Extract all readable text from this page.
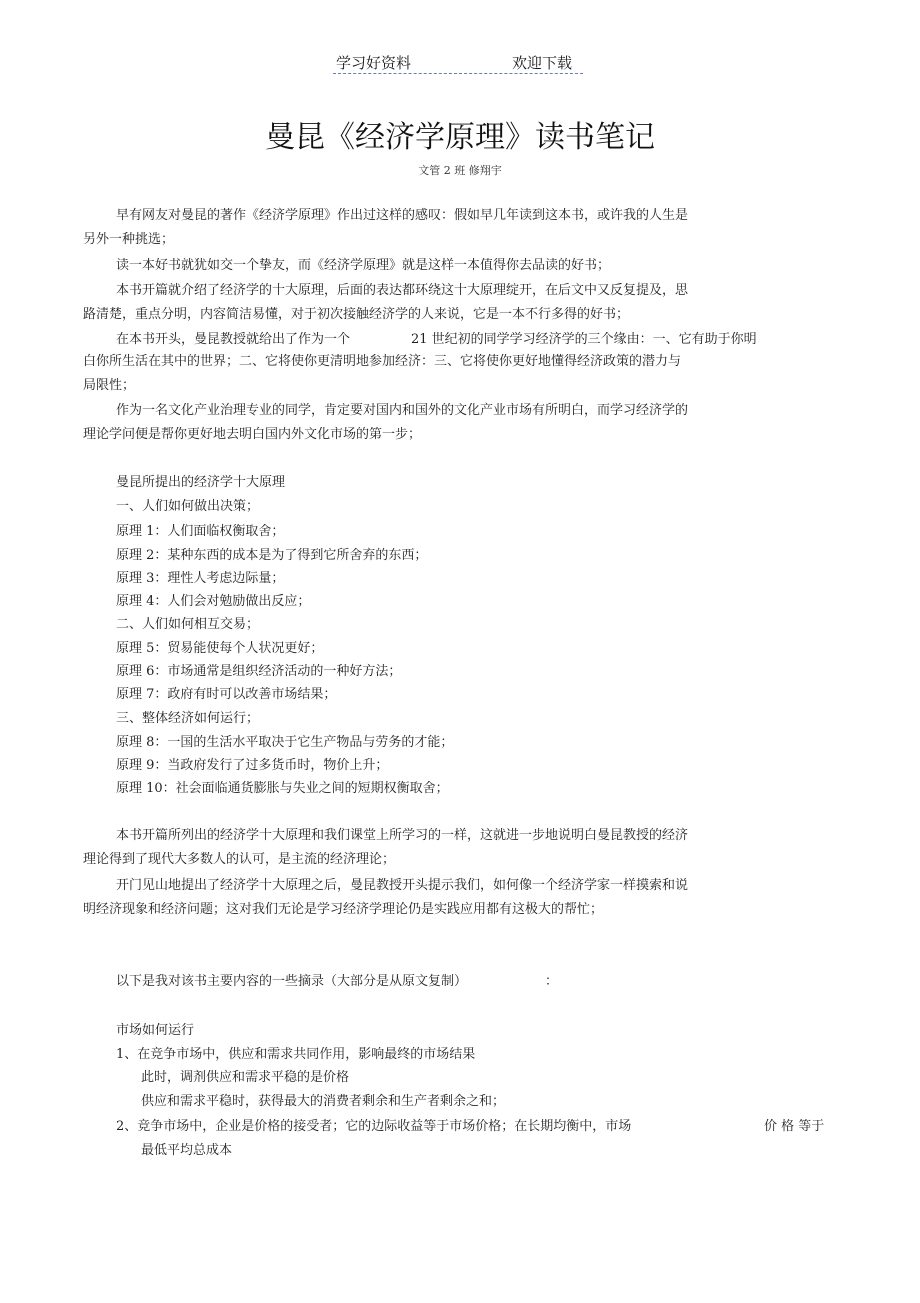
学习好资料	欢迎下载
曼昆《经济学原理》读书笔记
文管 2 班 修翔宇
早有网友对曼昆的著作《经济学原理》作出过这样的感叹：假如早几年读到这本书，或许我的人生是
另外一种挑选；
读一本好书就犹如交一个挚友，而《经济学原理》就是这样一本值得你去品读的好书；
本书开篇就介绍了经济学的十大原理，后面的表达都环绕这十大原理绽开，在后文中又反复提及，思
路清楚，重点分明，内容简洁易懂，对于初次接触经济学的人来说，它是一本不行多得的好书；
在本书开头，曼昆教授就给出了作为一个	21 世纪初的同学学习经济学的三个缘由：一、它有助于你明
白你所生活在其中的世界；二、它将使你更清明地参加经济：三、它将使你更好地懂得经济政策的潜力与
局限性；
作为一名文化产业治理专业的同学，肯定要对国内和国外的文化产业市场有所明白，而学习经济学的
理论学问便是帮你更好地去明白国内外文化市场的第一步；
曼昆所提出的经济学十大原理
一、人们如何做出决策；
原理 1：人们面临权衡取舍；
原理 2：某种东西的成本是为了得到它所舍弃的东西；
原理 3：理性人考虑边际量；
原理 4：人们会对勉励做出反应；
二、人们如何相互交易；
原理 5：贸易能使每个人状况更好；
原理 6：市场通常是组织经济活动的一种好方法；
原理 7：政府有时可以改善市场结果；
三、整体经济如何运行；
原理 8：一国的生活水平取决于它生产物品与劳务的才能；
原理 9：当政府发行了过多货币时，物价上升；
原理 10：社会面临通货膨胀与失业之间的短期权衡取舍；
本书开篇所列出的经济学十大原理和我们课堂上所学习的一样，这就进一步地说明白曼昆教授的经济
理论得到了现代大多数人的认可，是主流的经济理论；
开门见山地提出了经济学十大原理之后，曼昆教授开头提示我们，如何像一个经济学家一样摸索和说
明经济现象和经济问题；这对我们无论是学习经济学理论仍是实践应用都有这极大的帮忙；
以下是我对该书主要内容的一些摘录（大部分是从原文复制）	：
市场如何运行
1、在竞争市场中，供应和需求共同作用，影响最终的市场结果
此时，调剂供应和需求平稳的是价格
供应和需求平稳时，获得最大的消费者剩余和生产者剩余之和；
2、竞争市场中，企业是价格的接受者；它的边际收益等于市场价格；在长期均衡中，市场	价 格 等于
最低平均总成本
